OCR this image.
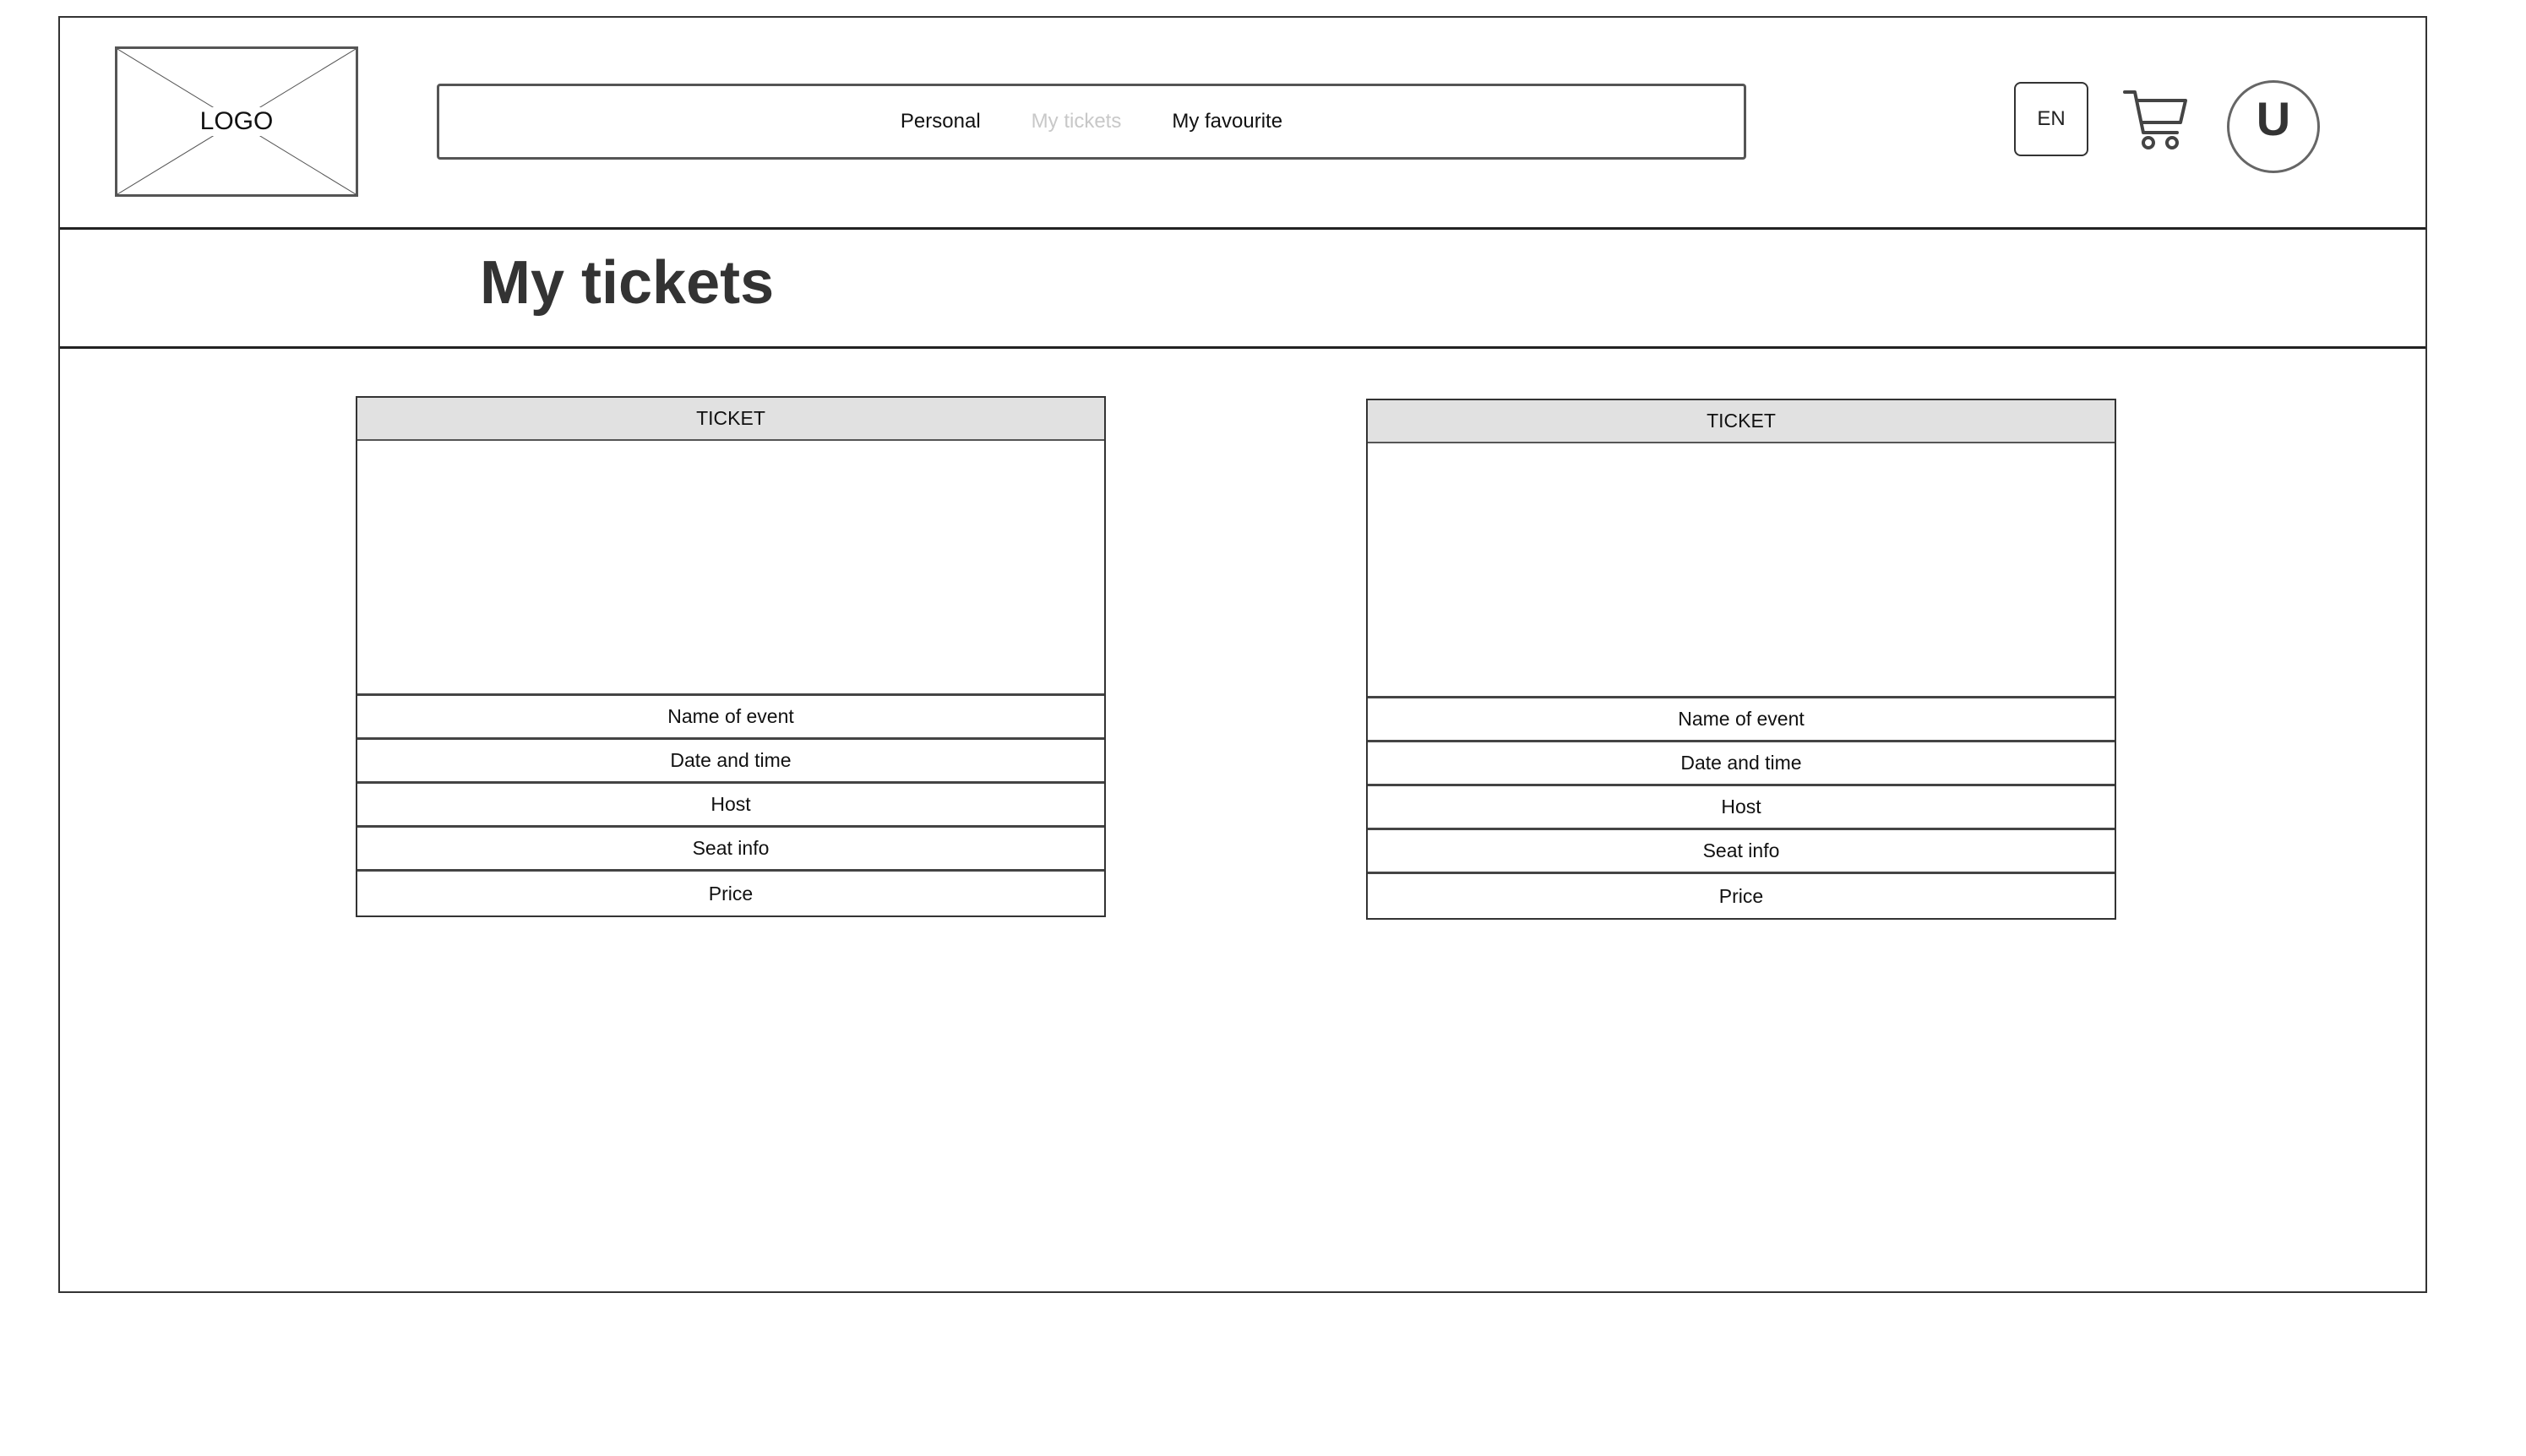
LOGO	Personal	My tickets	My favourite	EN	U
My tickets
TICKET
Name of event
Date and time
Host
Seat info
Price
TICKET
Name of event
Date and time
Host
Seat info
Price
